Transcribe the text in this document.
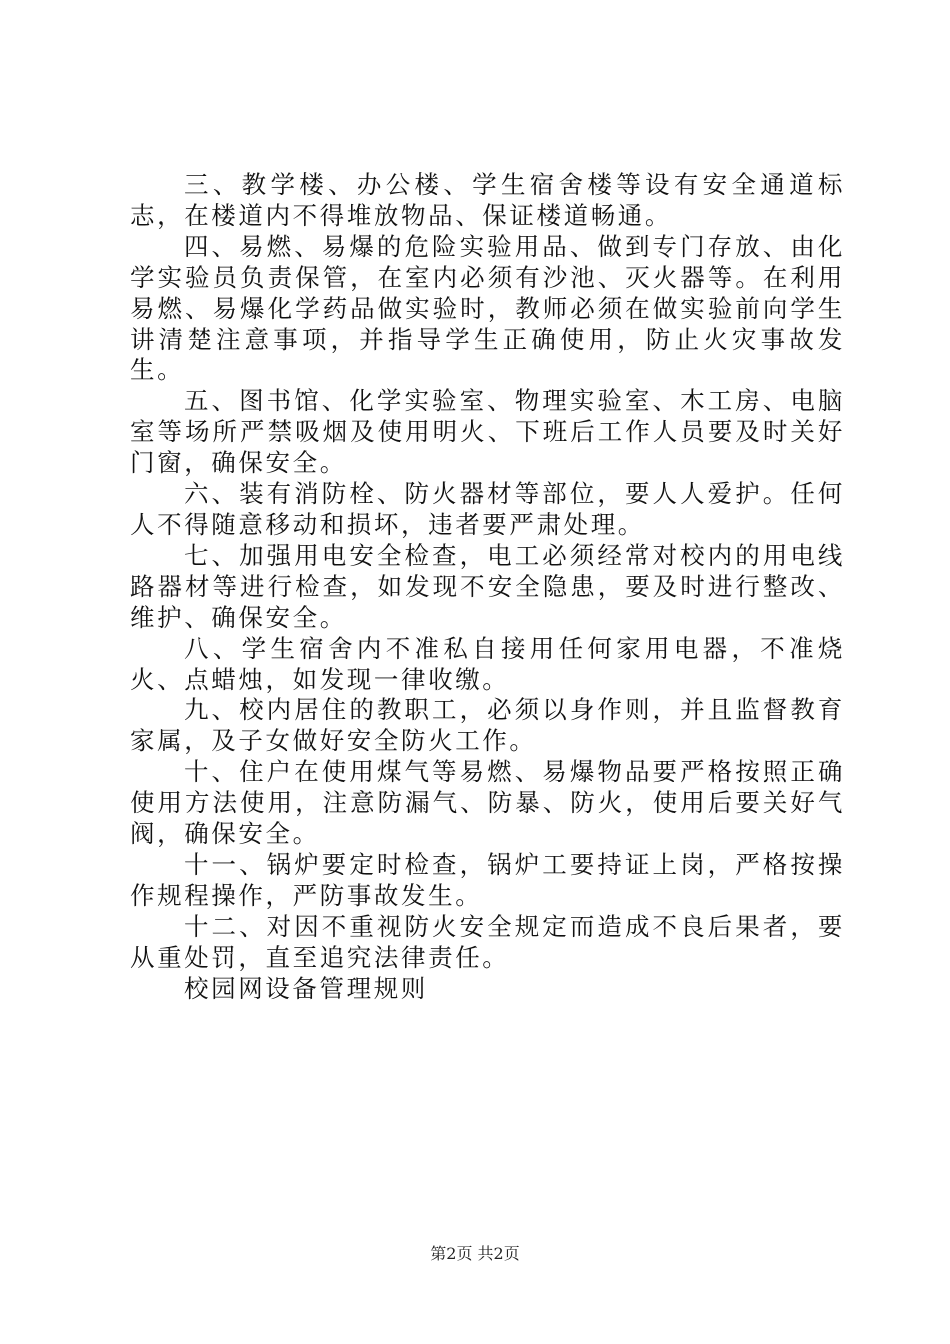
三、教学楼、办公楼、学生宿舍楼等设有安全通道标志，在楼道内不得堆放物品、保证楼道畅通。

四、易燃、易爆的危险实验用品、做到专门存放、由化学实验员负责保管，在室内必须有沙池、灭火器等。在利用易燃、易爆化学药品做实验时，教师必须在做实验前向学生讲清楚注意事项，并指导学生正确使用，防止火灾事故发生。

五、图书馆、化学实验室、物理实验室、木工房、电脑室等场所严禁吸烟及使用明火、下班后工作人员要及时关好门窗，确保安全。

六、装有消防栓、防火器材等部位，要人人爱护。任何人不得随意移动和损坏，违者要严肃处理。

七、加强用电安全检查，电工必须经常对校内的用电线路器材等进行检查，如发现不安全隐患，要及时进行整改、维护、确保安全。

八、学生宿舍内不准私自接用任何家用电器，不准烧火、点蜡烛，如发现一律收缴。

九、校内居住的教职工，必须以身作则，并且监督教育家属，及子女做好安全防火工作。

十、住户在使用煤气等易燃、易爆物品要严格按照正确使用方法使用，注意防漏气、防暴、防火，使用后要关好气阀，确保安全。

十一、锅炉要定时检查，锅炉工要持证上岗，严格按操作规程操作，严防事故发生。

十二、对因不重视防火安全规定而造成不良后果者，要从重处罚，直至追究法律责任。

校园网设备管理规则

第2页 共2页
